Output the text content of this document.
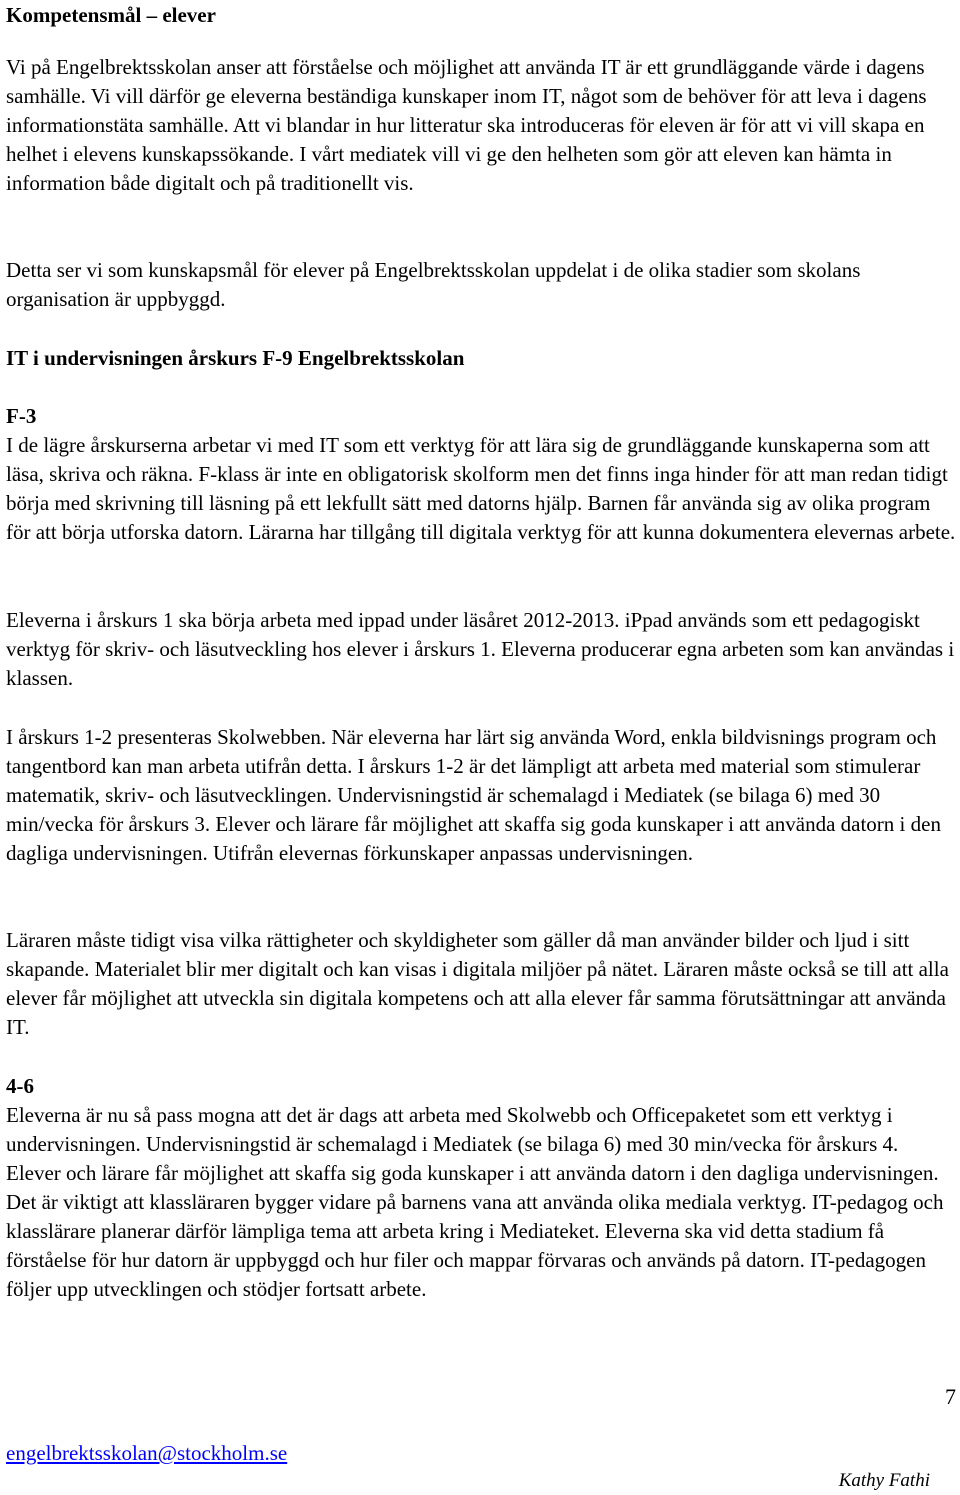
Kompetensmål – elever

Vi på Engelbrektsskolan anser att förståelse och möjlighet att använda IT är ett grundläggande värde i dagens samhälle. Vi vill därför ge eleverna beständiga kunskaper inom IT, något som de behöver för att leva i dagens informationstäta samhälle. Att vi blandar in hur litteratur ska introduceras för eleven är för att vi vill skapa en helhet i elevens kunskapssökande. I vårt mediatek vill vi ge den helheten som gör att eleven kan hämta in information både digitalt och på traditionellt vis.

Detta ser vi som kunskapsmål för elever på Engelbrektsskolan uppdelat i de olika stadier som skolans organisation är uppbyggd.

IT i undervisningen årskurs F-9 Engelbrektsskolan
F-3

I de lägre årskurserna arbetar vi med IT som ett verktyg för att lära sig de grundläggande kunskaperna som att läsa, skriva och räkna. F-klass är inte en obligatorisk skolform men det finns inga hinder för att man redan tidigt börja med skrivning till läsning på ett lekfullt sätt med datorns hjälp. Barnen får använda sig av olika program för att börja utforska datorn. Lärarna har tillgång till digitala verktyg för att kunna dokumentera elevernas arbete.

Eleverna i årskurs 1 ska börja arbeta med ippad under läsåret 2012-2013. iPpad används som ett pedagogiskt verktyg för skriv- och läsutveckling hos elever i årskurs 1. Eleverna producerar egna arbeten som kan användas i klassen.

I årskurs 1-2 presenteras Skolwebben. När eleverna har lärt sig använda Word, enkla bildvisnings program och tangentbord kan man arbeta utifrån detta. I årskurs 1-2 är det lämpligt att arbeta med material som stimulerar matematik, skriv- och läsutvecklingen. Undervisningstid är schemalagd i Mediatek (se bilaga 6) med 30 min/vecka för årskurs 3. Elever och lärare får möjlighet att skaffa sig goda kunskaper i att använda datorn i den dagliga undervisningen. Utifrån elevernas förkunskaper anpassas undervisningen.

Läraren måste tidigt visa vilka rättigheter och skyldigheter som gäller då man använder bilder och ljud i sitt skapande. Materialet blir mer digitalt och kan visas i digitala miljöer på nätet. Läraren måste också se till att alla elever får möjlighet att utveckla sin digitala kompetens och att alla elever får samma förutsättningar att använda IT.

4-6

Eleverna är nu så pass mogna att det är dags att arbeta med Skolwebb och Officepaketet som ett verktyg i undervisningen. Undervisningstid är schemalagd i Mediatek (se bilaga 6) med 30 min/vecka för årskurs 4. Elever och lärare får möjlighet att skaffa sig goda kunskaper i att använda datorn i den dagliga undervisningen. Det är viktigt att klassläraren bygger vidare på barnens vana att använda olika mediala verktyg. IT-pedagog och klasslärare planerar därför lämpliga tema att arbeta kring i Mediateket. Eleverna ska vid detta stadium få förståelse för hur datorn är uppbyggd och hur filer och mappar förvaras och används på datorn. IT-pedagogen följer upp utvecklingen och stödjer fortsatt arbete.

7
engelbrektsskolan@stockholm.se
Kathy Fathi
